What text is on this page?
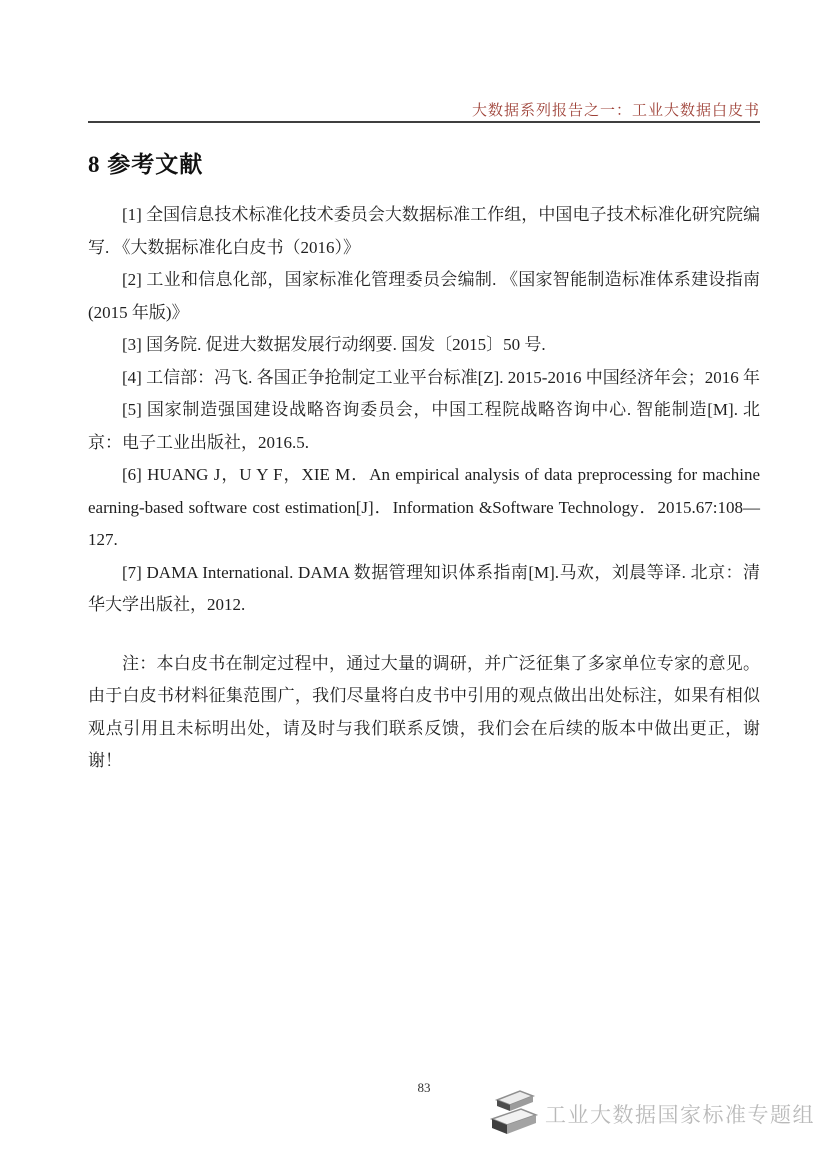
大数据系列报告之一：工业大数据白皮书
8 参考文献

[1] 全国信息技术标准化技术委员会大数据标准工作组，中国电子技术标准化研究院编写. 《大数据标准化白皮书（2016）》

[2] 工业和信息化部，国家标准化管理委员会编制. 《国家智能制造标准体系建设指南(2015 年版)》

[3] 国务院. 促进大数据发展行动纲要. 国发〔2015〕50 号.

[4] 工信部：冯飞. 各国正争抢制定工业平台标准[Z]. 2015-2016 中国经济年会；2016 年

[5] 国家制造强国建设战略咨询委员会，中国工程院战略咨询中心. 智能制造[M]. 北京：电子工业出版社，2016.5.

[6] HUANG J，U Y F，XIE M．An empirical analysis of data preprocessing for machine earning-based software cost estimation[J]．Information &Software Technology．2015.67:108—127.

[7] DAMA International. DAMA 数据管理知识体系指南[M].马欢，刘晨等译. 北京：清华大学出版社，2012.

注：本白皮书在制定过程中，通过大量的调研，并广泛征集了多家单位专家的意见。由于白皮书材料征集范围广，我们尽量将白皮书中引用的观点做出出处标注，如果有相似观点引用且未标明出处，请及时与我们联系反馈，我们会在后续的版本中做出更正，谢谢！

83
工业大数据国家标准专题组
